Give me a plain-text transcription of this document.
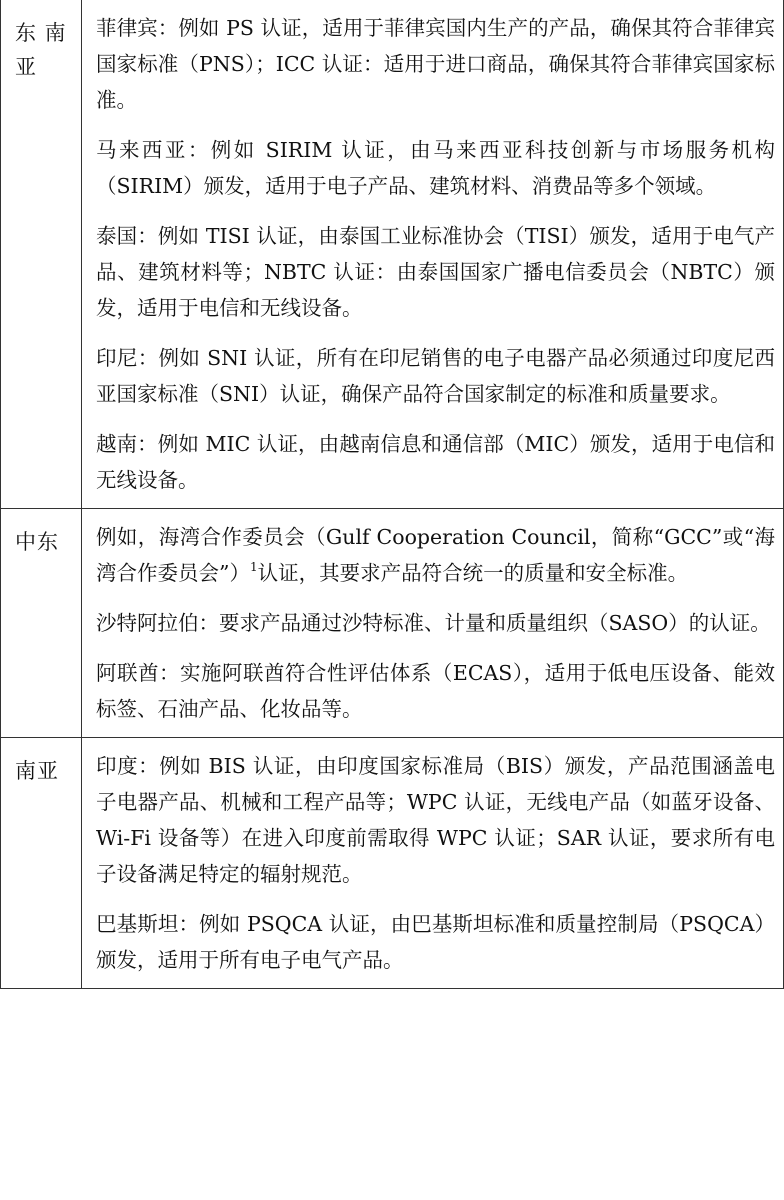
东 南 亚	菲律宾：例如 PS 认证，适用于菲律宾国内生产的产品，确保其符合菲律宾国家标准（PNS）；ICC 认证：适用于进口商品，确保其符合菲律宾国家标准。

马来西亚：例如 SIRIM 认证，由马来西亚科技创新与市场服务机构（SIRIM）颁发，适用于电子产品、建筑材料、消费品等多个领域。

泰国：例如 TISI 认证，由泰国工业标准协会（TISI）颁发，适用于电气产品、建筑材料等；NBTC 认证：由泰国国家广播电信委员会（NBTC）颁发，适用于电信和无线设备。

印尼：例如 SNI 认证，所有在印尼销售的电子电器产品必须通过印度尼西亚国家标准（SNI）认证，确保产品符合国家制定的标准和质量要求。

越南：例如 MIC 认证，由越南信息和通信部（MIC）颁发，适用于电信和无线设备。

中东	例如，海湾合作委员会（Gulf Cooperation Council，简称“GCC”或“海湾合作委员会”）$^1$认证，其要求产品符合统一的质量和安全标准。

沙特阿拉伯：要求产品通过沙特标准、计量和质量组织（SASO）的认证。

阿联酋：实施阿联酋符合性评估体系（ECAS），适用于低电压设备、能效标签、石油产品、化妆品等。

南亚	印度：例如 BIS 认证，由印度国家标准局（BIS）颁发，产品范围涵盖电子电器产品、机械和工程产品等；WPC 认证，无线电产品（如蓝牙设备、Wi-Fi 设备等）在进入印度前需取得 WPC 认证；SAR 认证，要求所有电子设备满足特定的辐射规范。

巴基斯坦：例如 PSQCA 认证，由巴基斯坦标准和质量控制局（PSQCA）颁发，适用于所有电子电气产品。
